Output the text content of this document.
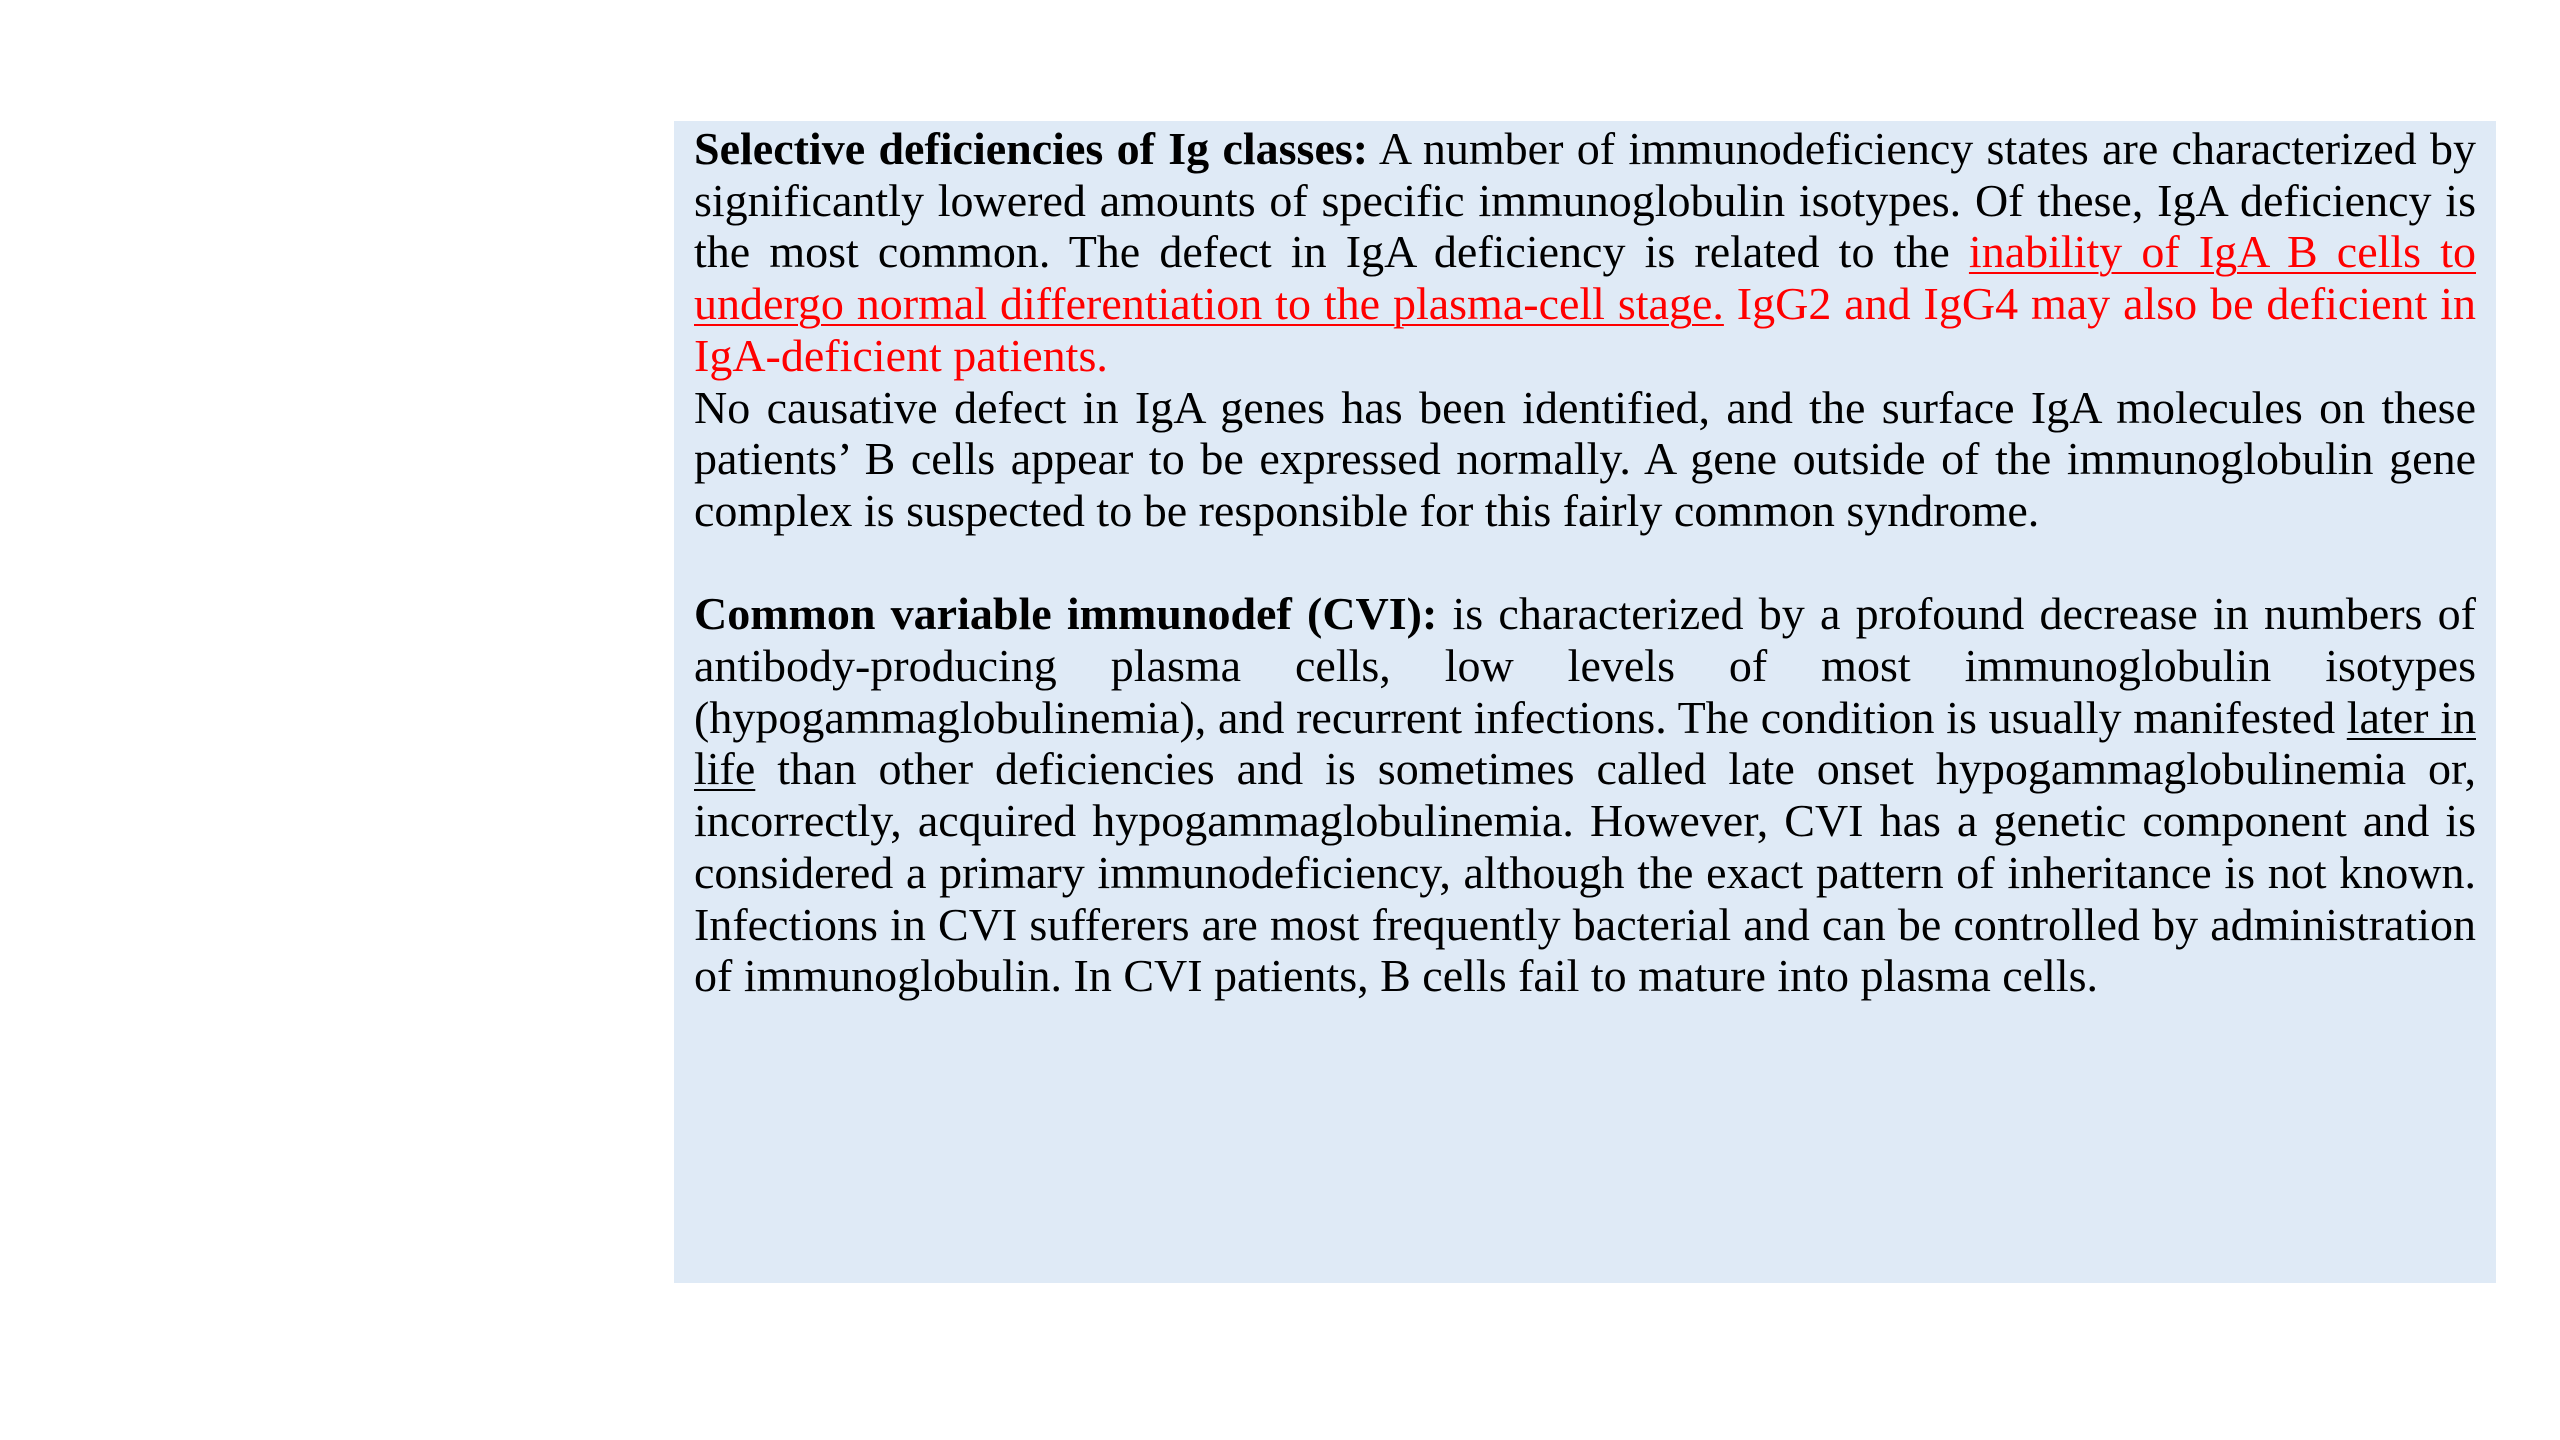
Selective deficiencies of Ig classes: A number of immunodeficiency states are characterized by significantly lowered amounts of specific immunoglobulin isotypes. Of these, IgA deficiency is the most common. The defect in IgA deficiency is related to the inability of IgA B cells to undergo normal differentiation to the plasma-cell stage. IgG2 and IgG4 may also be deficient in IgA-deficient patients.

No causative defect in IgA genes has been identified, and the surface IgA molecules on these patients’ B cells appear to be expressed normally. A gene outside of the immunoglobulin gene complex is suspected to be responsible for this fairly common syndrome.

Common variable immunodef (CVI): is characterized by a profound decrease in numbers of antibody-producing plasma cells, low levels of most immunoglobulin isotypes (hypogammaglobulinemia), and recurrent infections. The condition is usually manifested later in life than other deficiencies and is sometimes called late onset hypogammaglobulinemia or, incorrectly, acquired hypogammaglobulinemia. However, CVI has a genetic component and is considered a primary immunodeficiency, although the exact pattern of inheritance is not known. Infections in CVI sufferers are most frequently bacterial and can be controlled by administration of immunoglobulin. In CVI patients, B cells fail to mature into plasma cells.
